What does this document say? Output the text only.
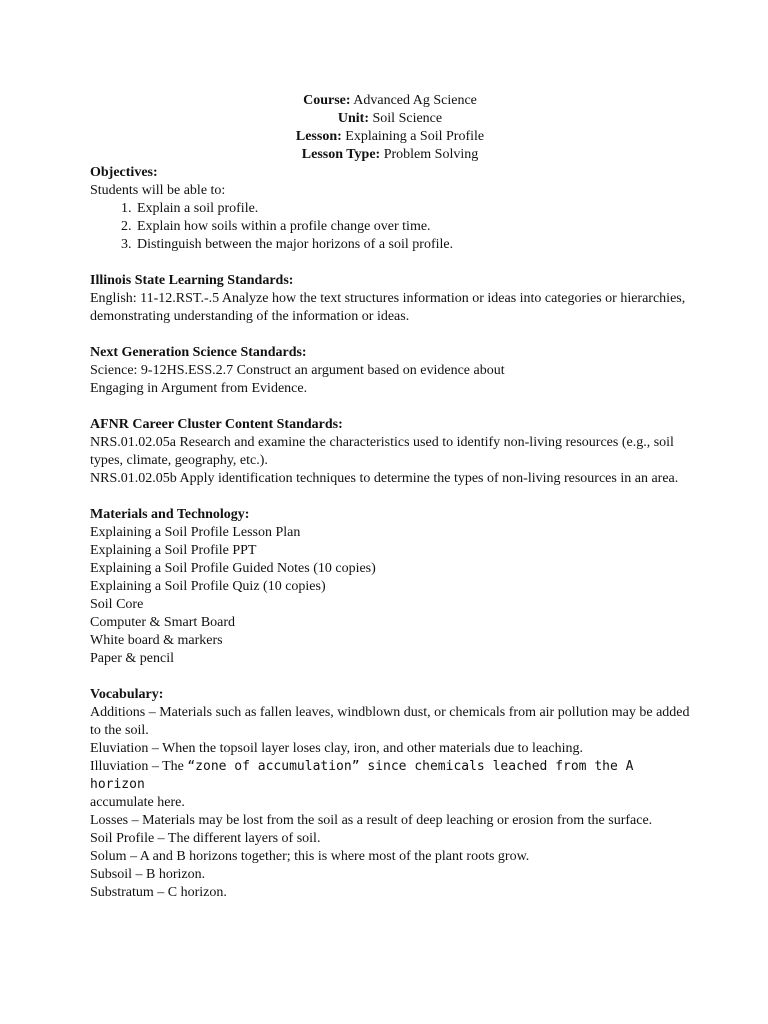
Course: Advanced Ag Science
Unit: Soil Science
Lesson: Explaining a Soil Profile
Lesson Type: Problem Solving
Objectives:
Students will be able to:
1. Explain a soil profile.
2. Explain how soils within a profile change over time.
3. Distinguish between the major horizons of a soil profile.
Illinois State Learning Standards:
English: 11-12.RST.-.5 Analyze how the text structures information or ideas into categories or hierarchies, demonstrating understanding of the information or ideas.
Next Generation Science Standards:
Science: 9-12HS.ESS.2.7 Construct an argument based on evidence about
Engaging in Argument from Evidence.
AFNR Career Cluster Content Standards:
NRS.01.02.05a Research and examine the characteristics used to identify non-living resources (e.g., soil types, climate, geography, etc.).
NRS.01.02.05b Apply identification techniques to determine the types of non-living resources in an area.
Materials and Technology:
Explaining a Soil Profile Lesson Plan
Explaining a Soil Profile PPT
Explaining a Soil Profile Guided Notes (10 copies)
Explaining a Soil Profile Quiz (10 copies)
Soil Core
Computer & Smart Board
White board & markers
Paper & pencil
Vocabulary:
Additions – Materials such as fallen leaves, windblown dust, or chemicals from air pollution may be added to the soil.
Eluviation – When the topsoil layer loses clay, iron, and other materials due to leaching.
Illuviation – The “zone of accumulation” since chemicals leached from the A horizon
accumulate here.
Losses – Materials may be lost from the soil as a result of deep leaching or erosion from the surface.
Soil Profile – The different layers of soil.
Solum – A and B horizons together; this is where most of the plant roots grow.
Subsoil – B horizon.
Substratum – C horizon.
